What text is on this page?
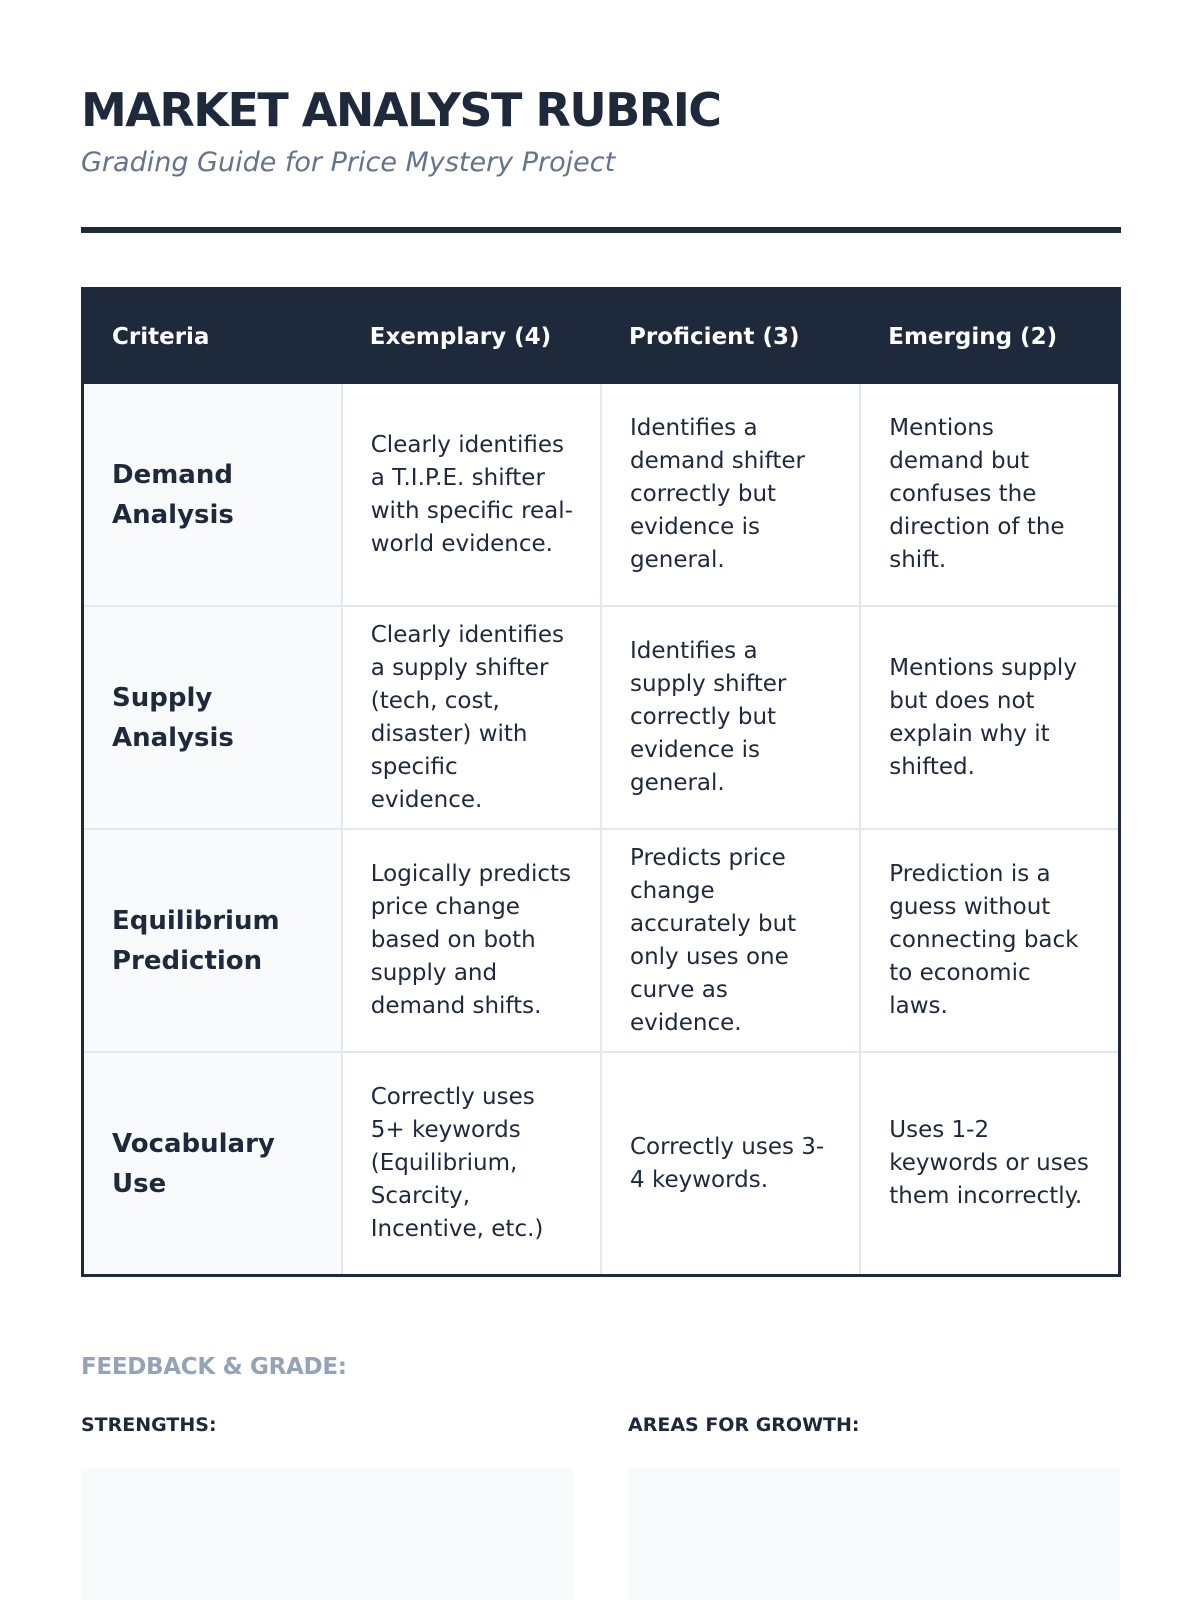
MARKET ANALYST RUBRIC

Grading Guide for Price Mystery Project

Criteria	Exemplary (4)	Proficient (3)	Emerging (2)
Demand Analysis	Clearly identifies a T.I.P.E. shifter with specific real-world evidence.	Identifies a demand shifter correctly but evidence is general.	Mentions demand but confuses the direction of the shift.
Supply Analysis	Clearly identifies a supply shifter (tech, cost, disaster) with specific evidence.	Identifies a supply shifter correctly but evidence is general.	Mentions supply but does not explain why it shifted.
Equilibrium Prediction	Logically predicts price change based on both supply and demand shifts.	Predicts price change accurately but only uses one curve as evidence.	Prediction is a guess without connecting back to economic laws.
Vocabulary Use	Correctly uses 5+ keywords (Equilibrium, Scarcity, Incentive, etc.)	Correctly uses 3-4 keywords.	Uses 1-2 keywords or uses them incorrectly.
FEEDBACK & GRADE:

STRENGTHS:	AREAS FOR GROWTH:
